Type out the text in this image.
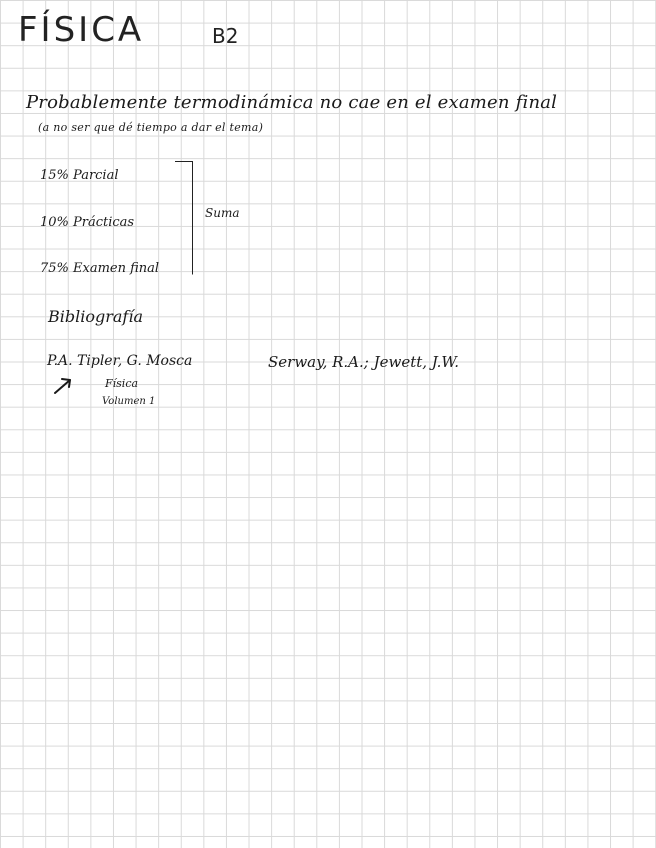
FÍSICA	B2
Probablemente termodinámica no cae en el examen final
(a no ser que dé tiempo a dar el tema)
15% Parcial
10% Prácticas
75% Examen final
Suma
Bibliografía
P.A. Tipler, G. Mosca	Serway, R.A.; Jewett, J.W.
Física
Volumen 1
